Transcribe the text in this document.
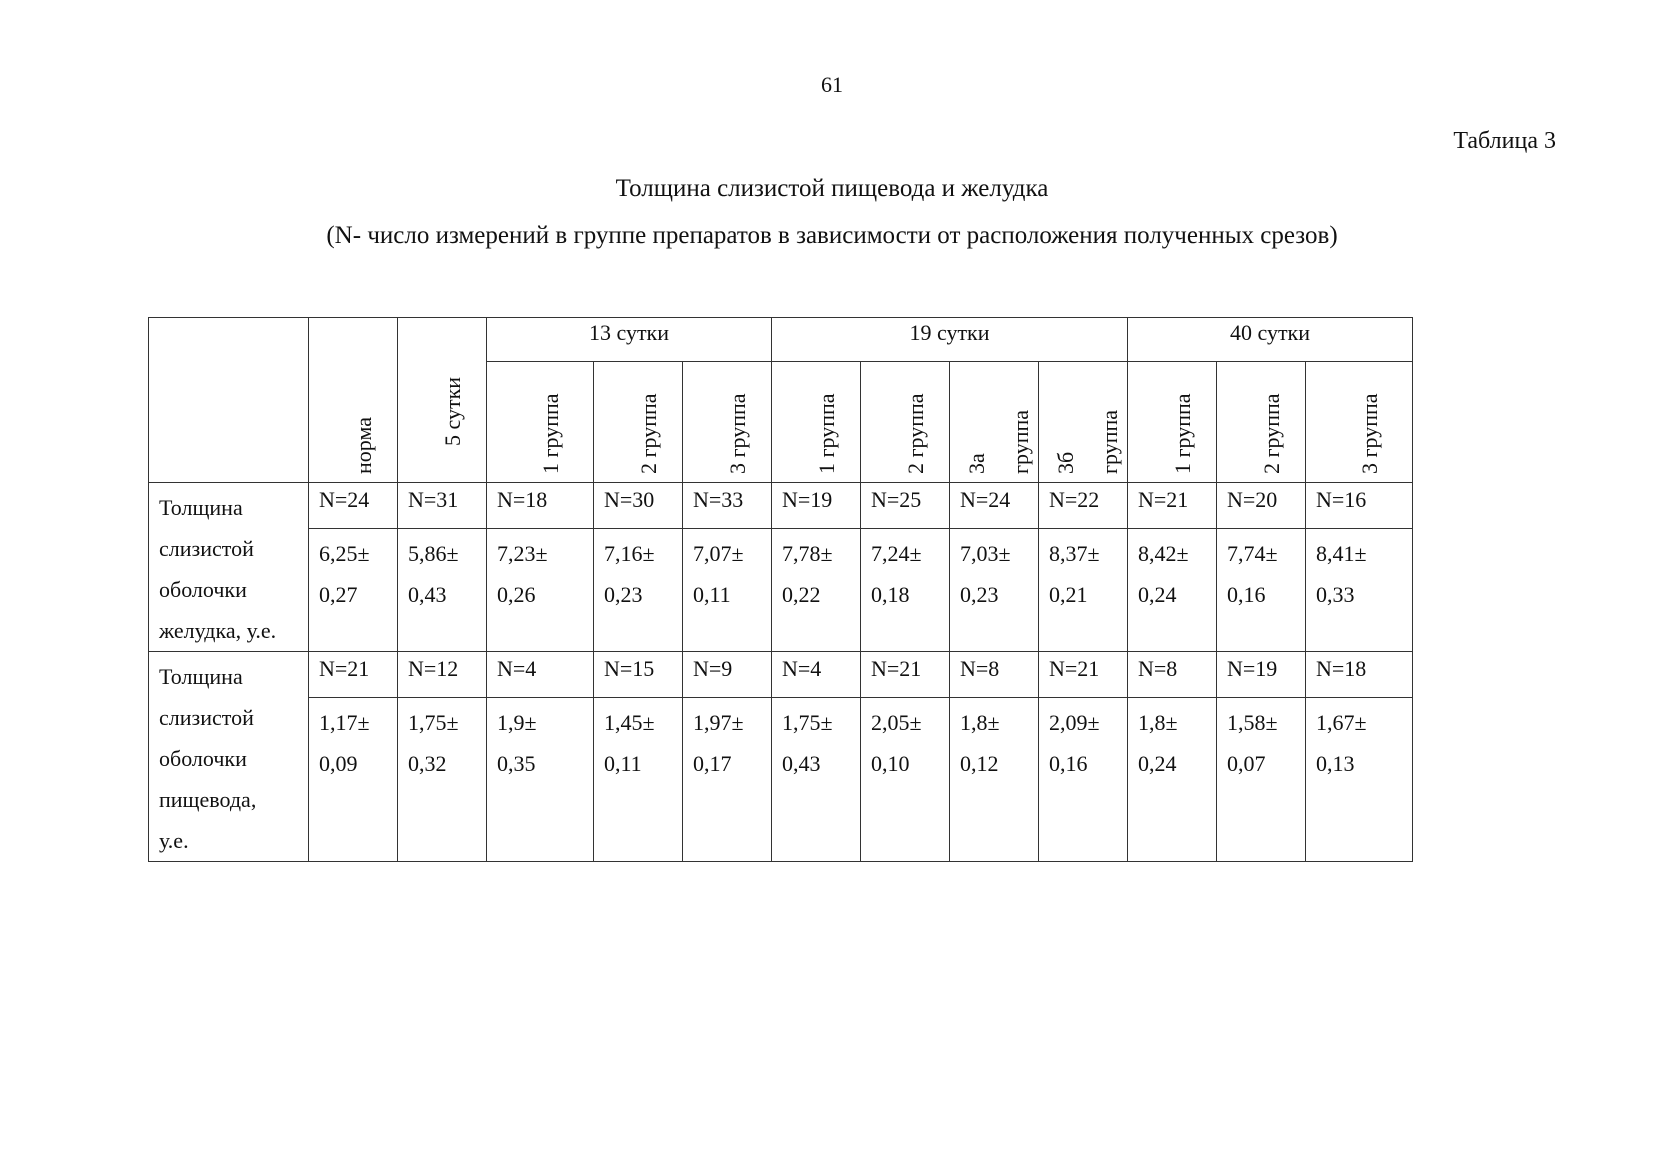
61
Таблица 3
Толщина слизистой пищевода и желудка
(N- число измерений в группе препаратов в зависимости от расположения полученных срезов)

	норма	5 сутки	13 сутки			19 сутки				40 сутки		

			1 группа	2 группа	3 группа	1 группа	2 группа	3а группа	3б группа	1 группа	2 группа	3 группа

Толщина
слизистой
оболочки
желудка, у.е.	N=24	N=31	N=18	N=30	N=33	N=19	N=25	N=24	N=22	N=21	N=20	N=16

	6,25±
0,27	5,86±
0,43	7,23±
0,26	7,16±
0,23	7,07±
0,11	7,78±
0,22	7,24±
0,18	7,03±
0,23	8,37±
0,21	8,42±
0,24	7,74±
0,16	8,41±
0,33

Толщина
слизистой
оболочки
пищевода,
у.е.	N=21	N=12	N=4	N=15	N=9	N=4	N=21	N=8	N=21	N=8	N=19	N=18

	1,17±
0,09	1,75±
0,32	1,9±
0,35	1,45±
0,11	1,97±
0,17	1,75±
0,43	2,05±
0,10	1,8±
0,12	2,09±
0,16	1,8±
0,24	1,58±
0,07	1,67±
0,13
